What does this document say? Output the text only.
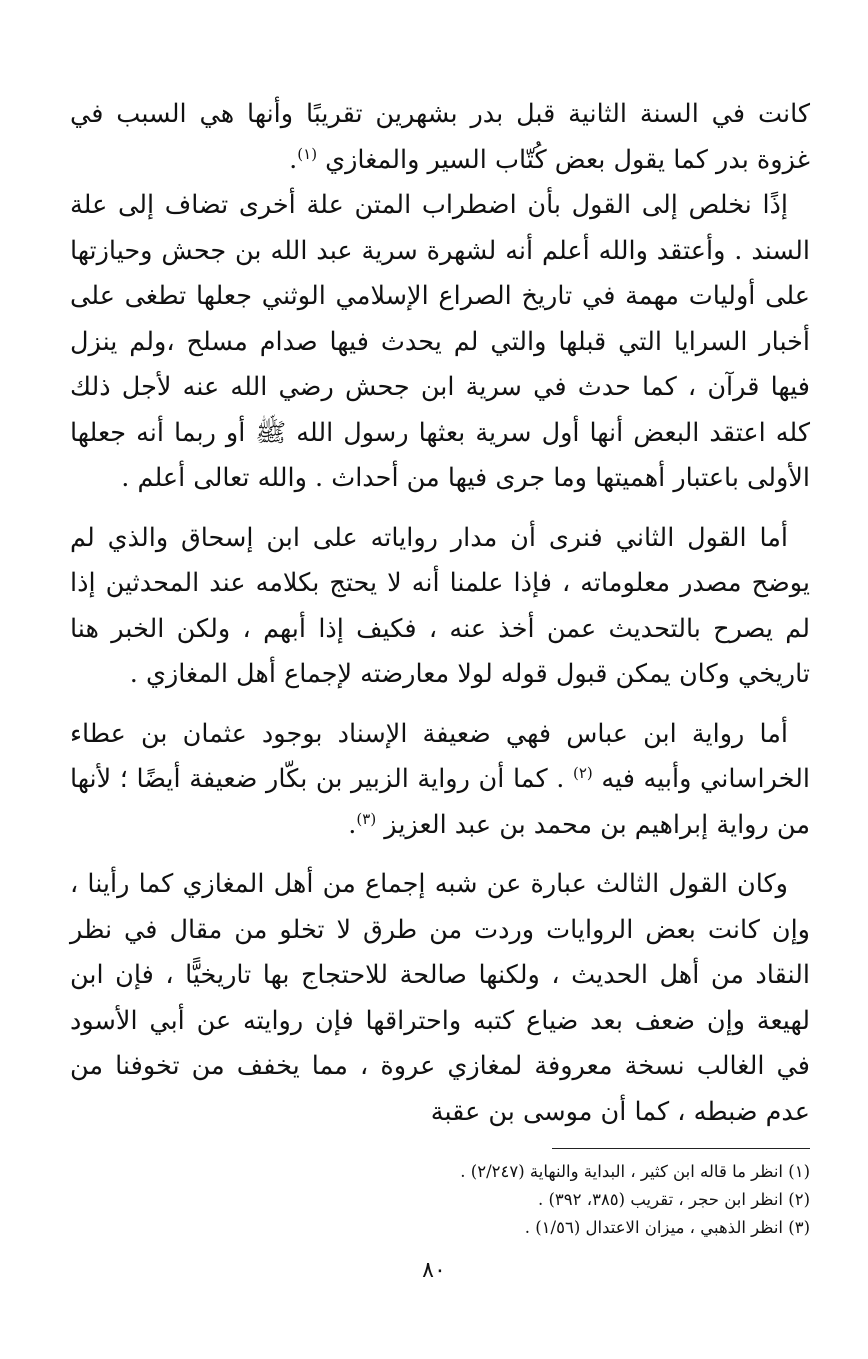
كانت في السنة الثانية قبل بدر بشهرين تقريبًا وأنها هي السبب في غزوة بدر كما يقول بعض كُتّاب السير والمغازي $^{(١)}$.

إذًا نخلص إلى القول بأن اضطراب المتن علة أخرى تضاف إلى علة السند . وأعتقد والله أعلم أنه لشهرة سرية عبد الله بن جحش وحيازتها على أوليات مهمة في تاريخ الصراع الإسلامي الوثني جعلها تطغى على أخبار السرايا التي قبلها والتي لم يحدث فيها صدام مسلح ،ولم ينزل فيها قرآن ، كما حدث في سرية ابن جحش رضي الله عنه لأجل ذلك كله اعتقد البعض أنها أول سرية بعثها رسول الله ﷺ أو ربما أنه جعلها الأولى باعتبار أهميتها وما جرى فيها من أحداث . والله تعالى أعلم .

أما القول الثاني فنرى أن مدار رواياته على ابن إسحاق والذي لم يوضح مصدر معلوماته ، فإذا علمنا أنه لا يحتج بكلامه عند المحدثين إذا لم يصرح بالتحديث عمن أخذ عنه ، فكيف إذا أبهم ، ولكن الخبر هنا تاريخي وكان يمكن قبول قوله لولا معارضته لإجماع أهل المغازي .

أما رواية ابن عباس فهي ضعيفة الإسناد بوجود عثمان بن عطاء الخراساني وأبيه فيه $^{(٢)}$ . كما أن رواية الزبير بن بكّار ضعيفة أيضًا ؛ لأنها من رواية إبراهيم بن محمد بن عبد العزيز $^{(٣)}$.

وكان القول الثالث عبارة عن شبه إجماع من أهل المغازي كما رأينا ، وإن كانت بعض الروايات وردت من طرق لا تخلو من مقال في نظر النقاد من أهل الحديث ، ولكنها صالحة للاحتجاج بها تاريخيًّا ، فإن ابن لهيعة وإن ضعف بعد ضياع كتبه واحتراقها فإن روايته عن أبي الأسود في الغالب نسخة معروفة لمغازي عروة ، مما يخفف من تخوفنا من عدم ضبطه ، كما أن موسى بن عقبة

(١) انظر ما قاله ابن كثير ، البداية والنهاية (٢/٢٤٧) .

(٢) انظر ابن حجر ، تقريب (٣٨٥، ٣٩٢) .

(٣) انظر الذهبي ، ميزان الاعتدال (١/٥٦) .

٨٠
